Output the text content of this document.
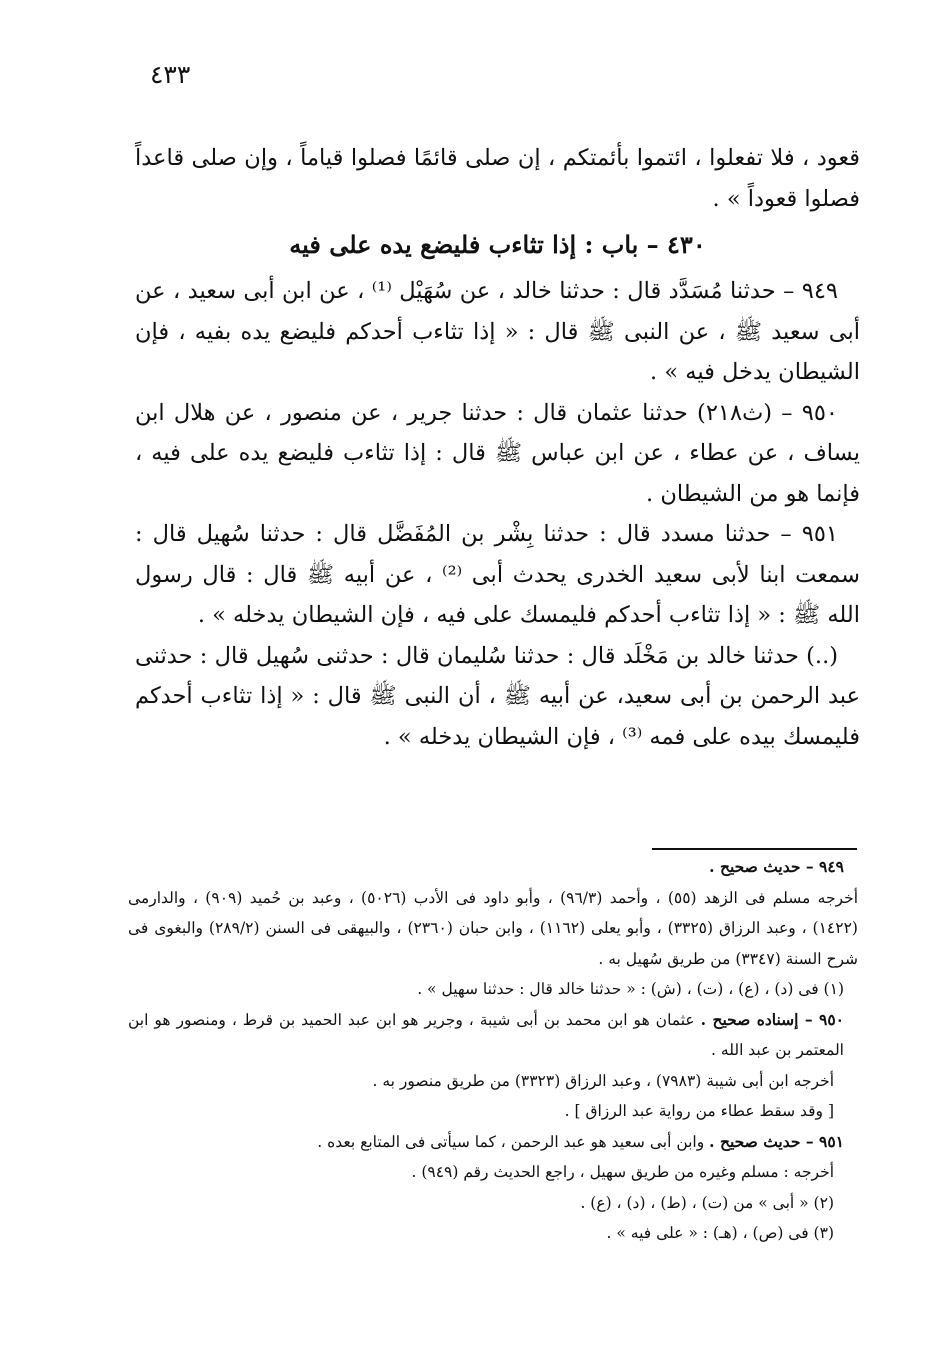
٤٣٣

قعود ، فلا تفعلوا ، ائتموا بأئمتكم ، إن صلى قائمًا فصلوا قياماً ، وإن صلى قاعداً فصلوا قعوداً » .

٤٣٠ – باب : إذا تثاءب فليضع يده على فيه

٩٤٩ – حدثنا مُسَدَّد قال : حدثنا خالد ، عن سُهَيْل ⁽¹⁾ ، عن ابن أبى سعيد ، عن أبى سعيد ﷺ ، عن النبى ﷺ قال : « إذا تثاءب أحدكم فليضع يده بفيه ، فإن الشيطان يدخل فيه » .

٩٥٠ – (ث٢١٨) حدثنا عثمان قال : حدثنا جرير ، عن منصور ، عن هلال ابن يساف ، عن عطاء ، عن ابن عباس ﷺ قال : إذا تثاءب فليضع يده على فيه ، فإنما هو من الشيطان .

٩٥١ – حدثنا مسدد قال : حدثنا بِشْر بن المُفَضَّل قال : حدثنا سُهيل قال : سمعت ابنا لأبى سعيد الخدرى يحدث أبى ⁽²⁾ ، عن أبيه ﷺ قال : قال رسول الله ﷺ : « إذا تثاءب أحدكم فليمسك على فيه ، فإن الشيطان يدخله » .

(..) حدثنا خالد بن مَخْلَد قال : حدثنا سُليمان قال : حدثنى سُهيل قال : حدثنى عبد الرحمن بن أبى سعيد، عن أبيه ﷺ ، أن النبى ﷺ قال : « إذا تثاءب أحدكم فليمسك بيده على فمه ⁽³⁾ ، فإن الشيطان يدخله » .

٩٤٩ – حديث صحيح .

أخرجه مسلم فى الزهد (٥٥) ، وأحمد (٩٦/٣) ، وأبو داود فى الأدب (٥٠٢٦) ، وعبد بن حُميد (٩٠٩) ، والدارمى (١٤٢٢) ، وعبد الرزاق (٣٣٢٥) ، وأبو يعلى (١١٦٢) ، وابن حبان (٢٣٦٠) ، والبيهقى فى السنن (٢٨٩/٢) والبغوى فى شرح السنة (٣٣٤٧) من طريق سُهيل به .

(١) فى (د) ، (ع) ، (ت) ، (ش) : « حدثنا خالد قال : حدثنا سهيل » .

٩٥٠ – إسناده صحيح . عثمان هو ابن محمد بن أبى شيبة ، وجرير هو ابن عبد الحميد بن قرط ، ومنصور هو ابن المعتمر بن عبد الله .

أخرجه ابن أبى شيبة (٧٩٨٣) ، وعبد الرزاق (٣٣٢٣) من طريق منصور به .

[ وقد سقط عطاء من رواية عبد الرزاق ] .

٩٥١ – حديث صحيح . وابن أبى سعيد هو عبد الرحمن ، كما سيأتى فى المتابع بعده .

أخرجه : مسلم وغيره من طريق سهيل ، راجع الحديث رقم (٩٤٩) .

(٢) « أبى » من (ت) ، (ط) ، (د) ، (ع) .

(٣) فى (ص) ، (هـ) : « على فيه » .
